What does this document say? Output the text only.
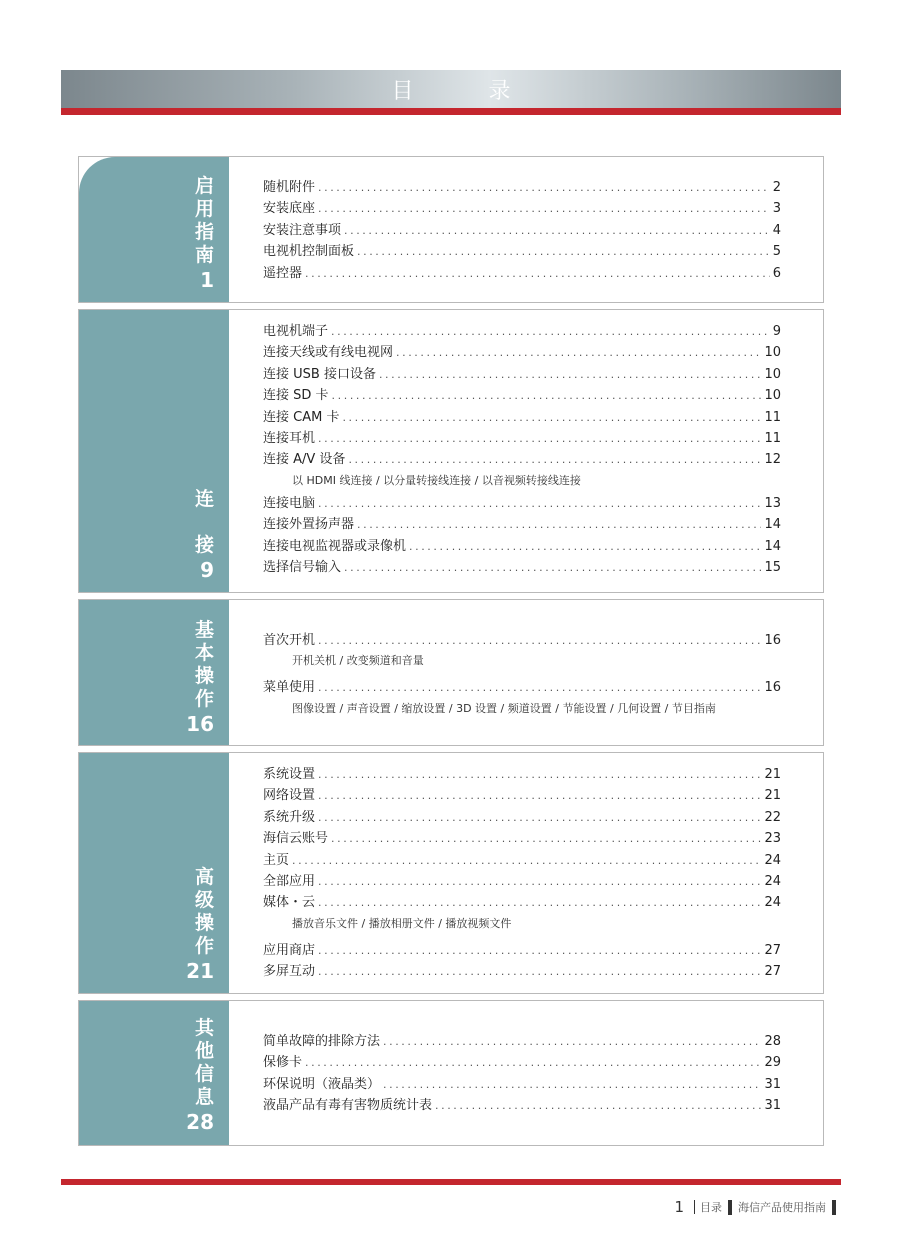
目 录
启
用
指
南
1
随机附件 .....	2
安装底座 .....	3
安装注意事项 .....	4
电视机控制面板 .....	5
遥控器 .....	6
连
接
9
电视机端子 .....	9
连接天线或有线电视网 .....	10
连接 USB 接口设备 .....	10
连接 SD 卡 .....	10
连接 CAM 卡 .....	11
连接耳机 .....	11
连接 A/V 设备 .....	12
以 HDMI 线连接 / 以分量转接线连接 / 以音视频转接线连接
连接电脑 .....	13
连接外置扬声器 .....	14
连接电视监视器或录像机 .....	14
选择信号输入 .....	15
基
本
操
作
16
首次开机 .....	16
开机关机 / 改变频道和音量
菜单使用 .....	16
图像设置 / 声音设置 / 缩放设置 / 3D 设置 / 频道设置 / 节能设置 / 几何设置 / 节目指南
高
级
操
作
21
系统设置 .....	21
网络设置 .....	21
系统升级 .....	22
海信云账号 .....	23
主页 .....	24
全部应用 .....	24
媒体・云 .....	24
播放音乐文件 / 播放相册文件 / 播放视频文件
应用商店 .....	27
多屏互动 .....	27
其
他
信
息
28
简单故障的排除方法 .....	28
保修卡 .....	29
环保说明（液晶类） .....	31
液晶产品有毒有害物质统计表 .....	31
1 目录 海信产品使用指南
